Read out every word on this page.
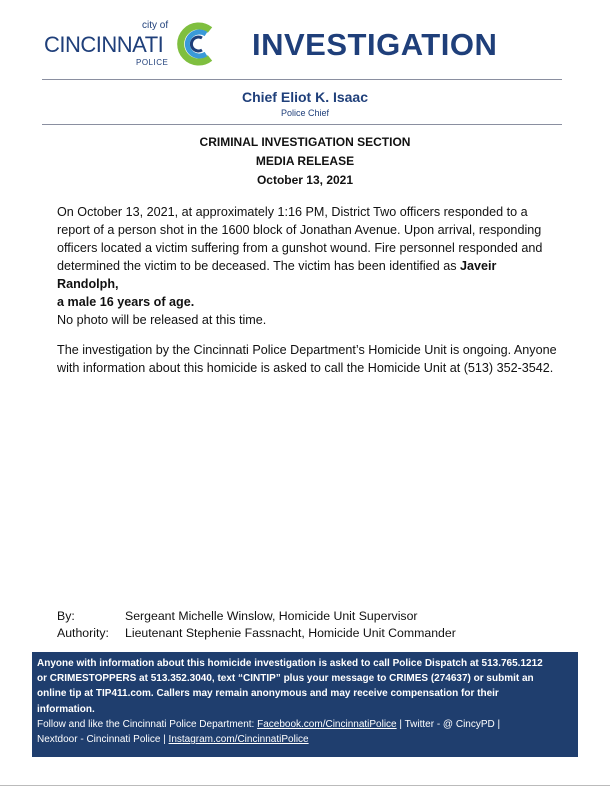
city of
CINCINNATI
POLICE
INVESTIGATION
Chief Eliot K. Isaac
Police Chief
CRIMINAL INVESTIGATION SECTION
MEDIA RELEASE
October 13, 2021

On October 13, 2021, at approximately 1:16 PM, District Two officers responded to a

report of a person shot in the 1600 block of Jonathan Avenue. Upon arrival, responding

officers located a victim suffering from a gunshot wound. Fire personnel responded and

determined the victim to be deceased. The victim has been identified as Javeir Randolph,

a male 16 years of age.

No photo will be released at this time.

The investigation by the Cincinnati Police Department’s Homicide Unit is ongoing. Anyone

with information about this homicide is asked to call the Homicide Unit at (513) 352-3542.

By:	Sergeant Michelle Winslow, Homicide Unit Supervisor
Authority: Lieutenant Stephenie Fassnacht, Homicide Unit Commander
Anyone with information about this homicide investigation is asked to call Police Dispatch at 513.765.1212
or CRIMESTOPPERS at 513.352.3040, text “CINTIP” plus your message to CRIMES (274637) or submit an
online tip at TIP411.com. Callers may remain anonymous and may receive compensation for their
information.
Follow and like the Cincinnati Police Department: Facebook.com/CincinnatiPolice | Twitter - @ CincyPD |
Nextdoor - Cincinnati Police | Instagram.com/CincinnatiPolice
